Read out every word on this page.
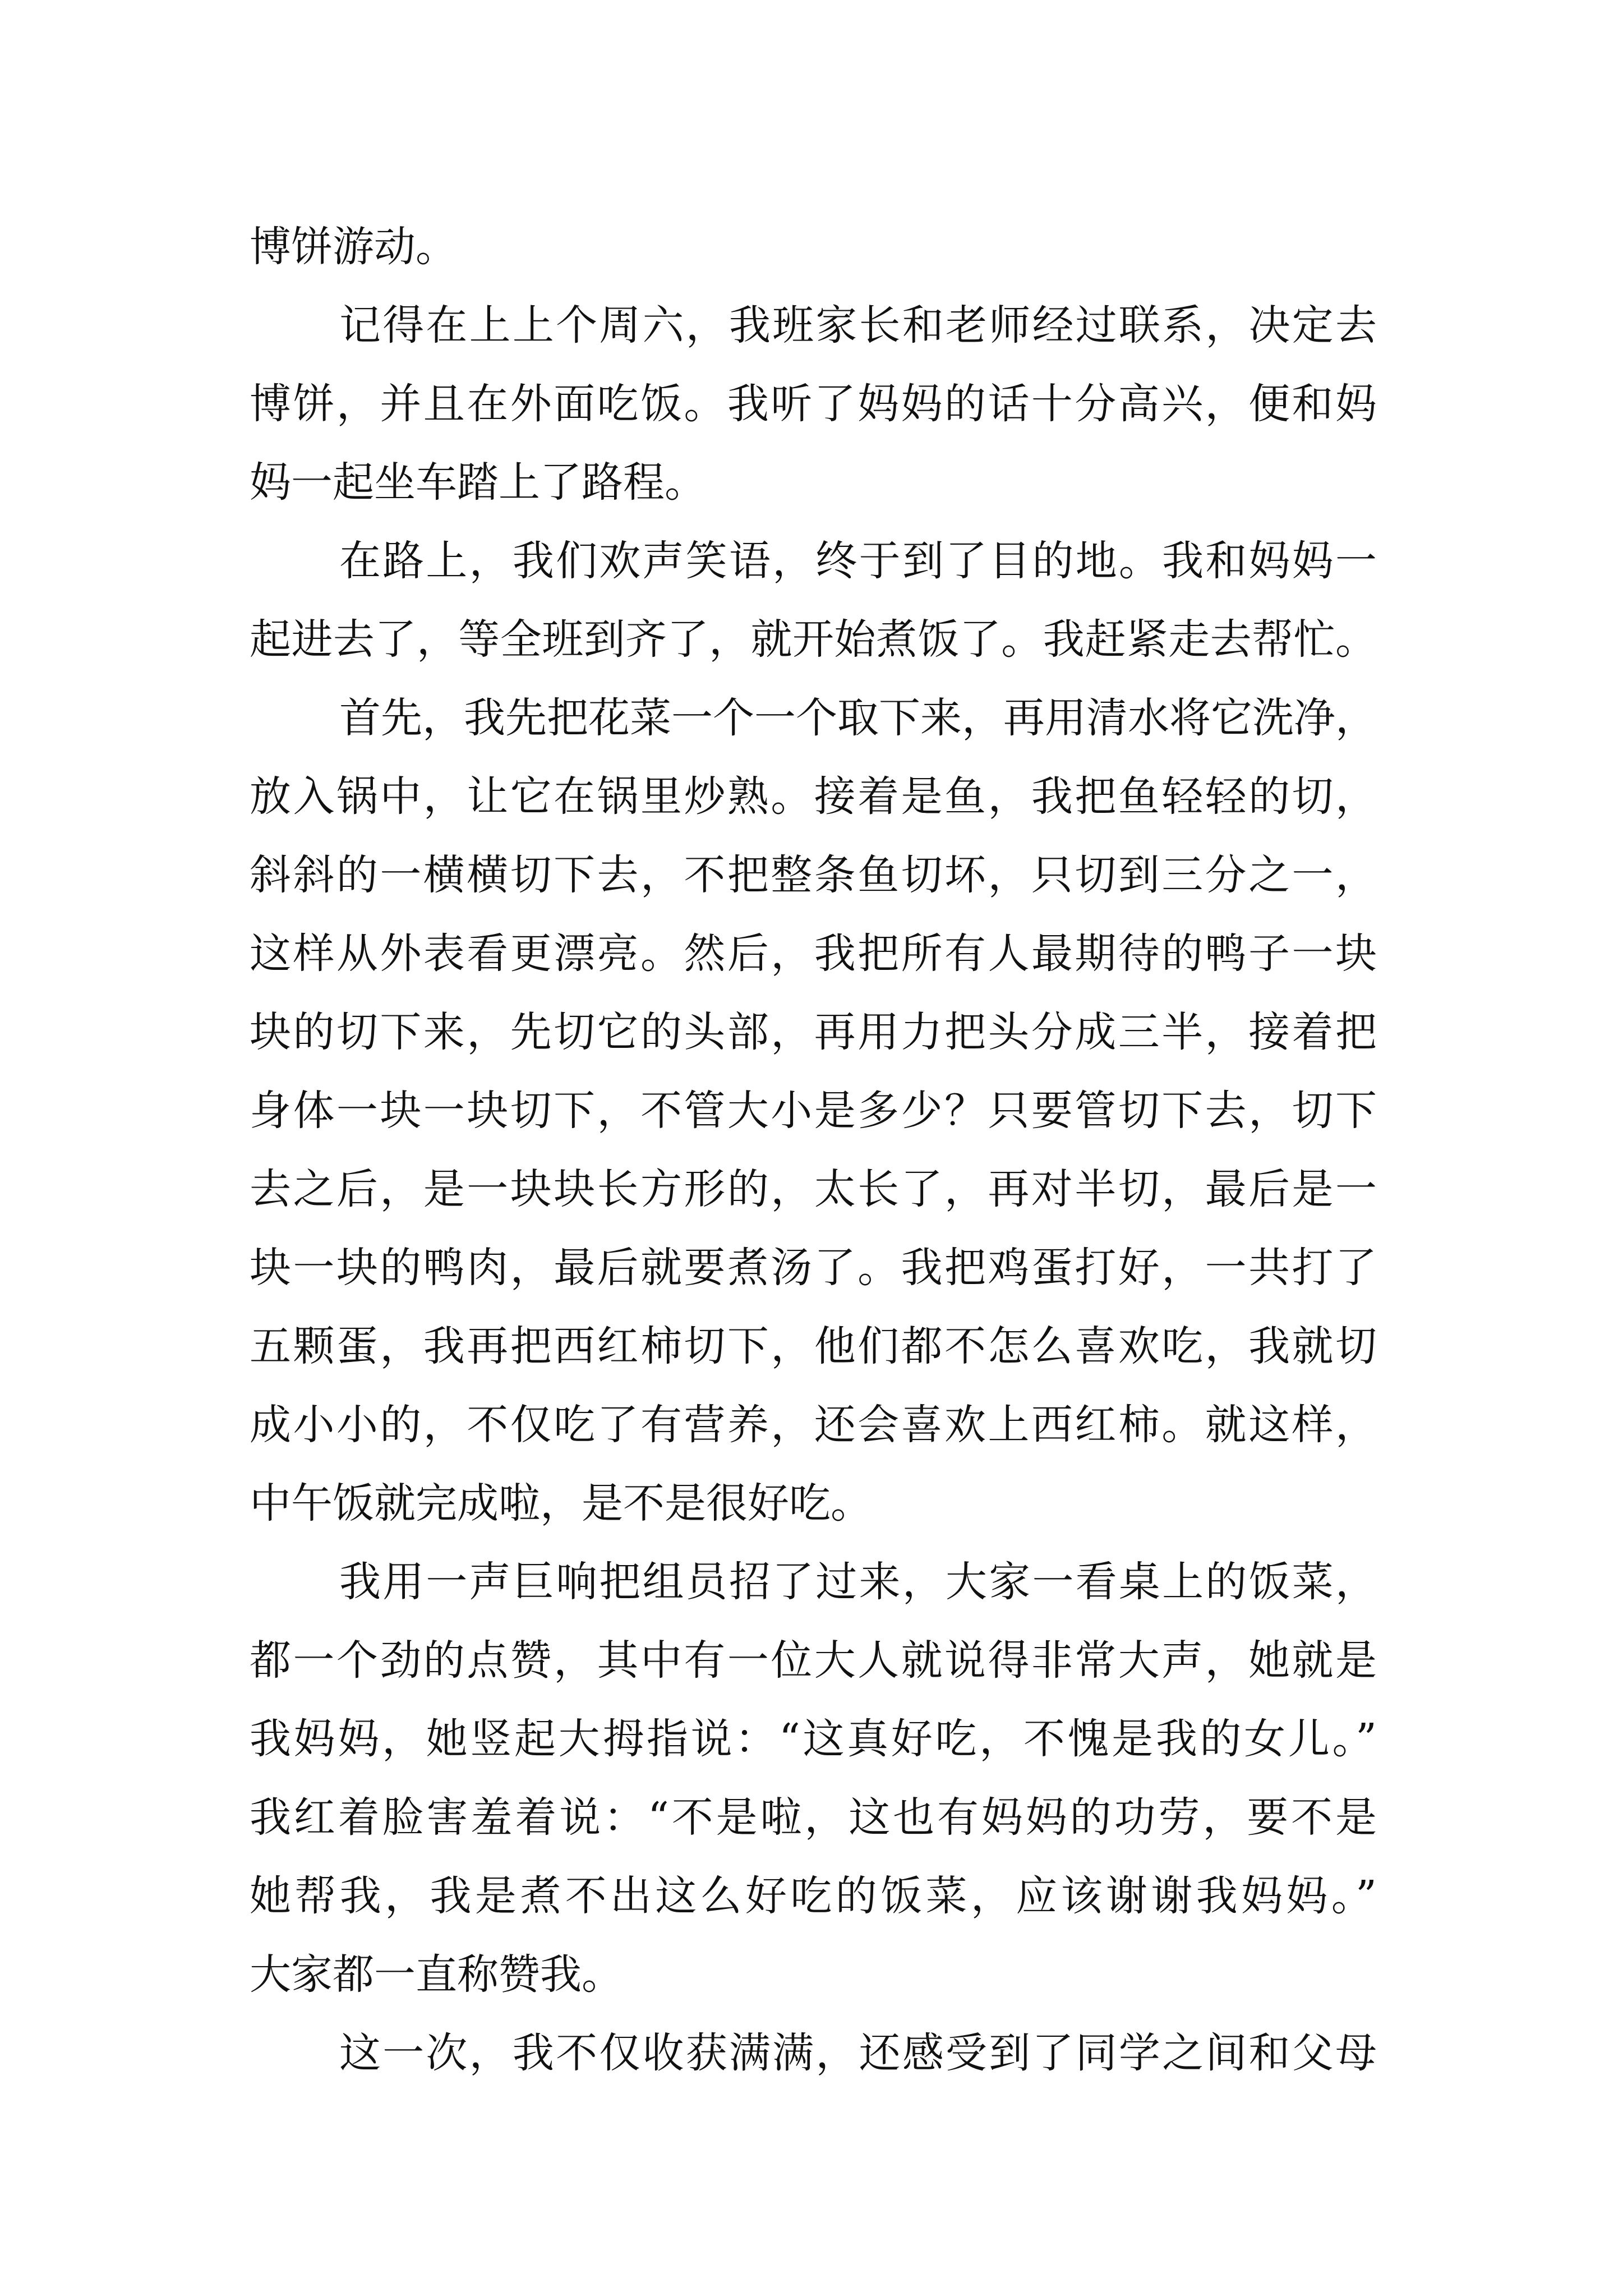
博饼游动。
记得在上上个周六，我班家长和老师经过联系，决定去
博饼，并且在外面吃饭。我听了妈妈的话十分高兴，便和妈
妈一起坐车踏上了路程。
在路上，我们欢声笑语，终于到了目的地。我和妈妈一
起进去了，等全班到齐了，就开始煮饭了。我赶紧走去帮忙。
首先，我先把花菜一个一个取下来，再用清水将它洗净，
放入锅中，让它在锅里炒熟。接着是鱼，我把鱼轻轻的切，
斜斜的一横横切下去，不把整条鱼切坏，只切到三分之一，
这样从外表看更漂亮。然后，我把所有人最期待的鸭子一块
块的切下来，先切它的头部，再用力把头分成三半，接着把
身体一块一块切下，不管大小是多少？只要管切下去，切下
去之后，是一块块长方形的，太长了，再对半切，最后是一
块一块的鸭肉，最后就要煮汤了。我把鸡蛋打好，一共打了
五颗蛋，我再把西红柿切下，他们都不怎么喜欢吃，我就切
成小小的，不仅吃了有营养，还会喜欢上西红柿。就这样，
中午饭就完成啦，是不是很好吃。
我用一声巨响把组员招了过来，大家一看桌上的饭菜，
都一个劲的点赞，其中有一位大人就说得非常大声，她就是
我妈妈，她竖起大拇指说：“这真好吃，不愧是我的女儿。”
我红着脸害羞着说：“不是啦，这也有妈妈的功劳，要不是
她帮我，我是煮不出这么好吃的饭菜，应该谢谢我妈妈。”
大家都一直称赞我。
这一次，我不仅收获满满，还感受到了同学之间和父母
